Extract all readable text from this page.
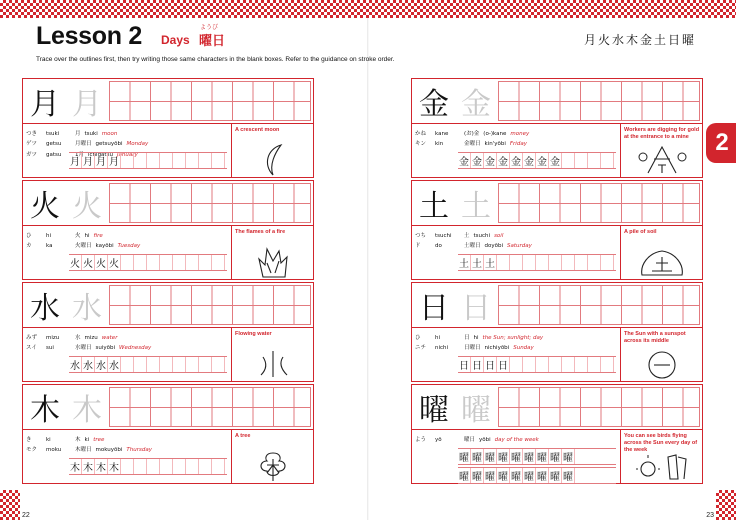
Lesson 2 Days
ようび
曜日	月火水木金土日曜

Trace over the outlines first, then try writing those same characters in the blank boxes. Refer to the guidance on stroke order.

2
22	23
月 月
つき	tsuki
ゲツ	getsu
ガツ	gatsu
月 tsuki moon
月曜日 getsuyōbi Monday
1月 ichigatsu January
月 月 月 月
A crescent moon
火 火
ひ	hi
カ	ka
火 hi fire
火曜日 kayōbi Tuesday
火 火 火 火
The flames of a fire
水 水
みず	mizu
スイ	sui
水 mizu water
水曜日 suiyōbi Wednesday
水 水 水 水
Flowing water
木 木
き	ki
モク	moku
木 ki tree
木曜日 mokuyōbi Thursday
木 木 木 木
A tree
金 金
かね	kane
キン	kin
(お)金 (o-)kane money
金曜日 kin'yōbi Friday
金 金 金 金 金 金 金 金
Workers are digging for gold at the entrance to a mine
土 土
つち	tsuchi
ド	do
土 tsuchi soil
土曜日 doyōbi Saturday
土 土 土
A pile of soil
日 日
ひ	hi
ニチ	nichi
日 hi the Sun; sunlight; day
日曜日 nichiyōbi Sunday
日 日 日 日
The Sun with a sunspot across its middle
曜 曜
よう	yō	曜日 yōbi day of the week
曜 曜 曜 曜 曜 曜 曜 曜 曜
曜 曜 曜 曜 曜 曜 曜 曜 曜
You can see birds flying across the Sun every day of the week
